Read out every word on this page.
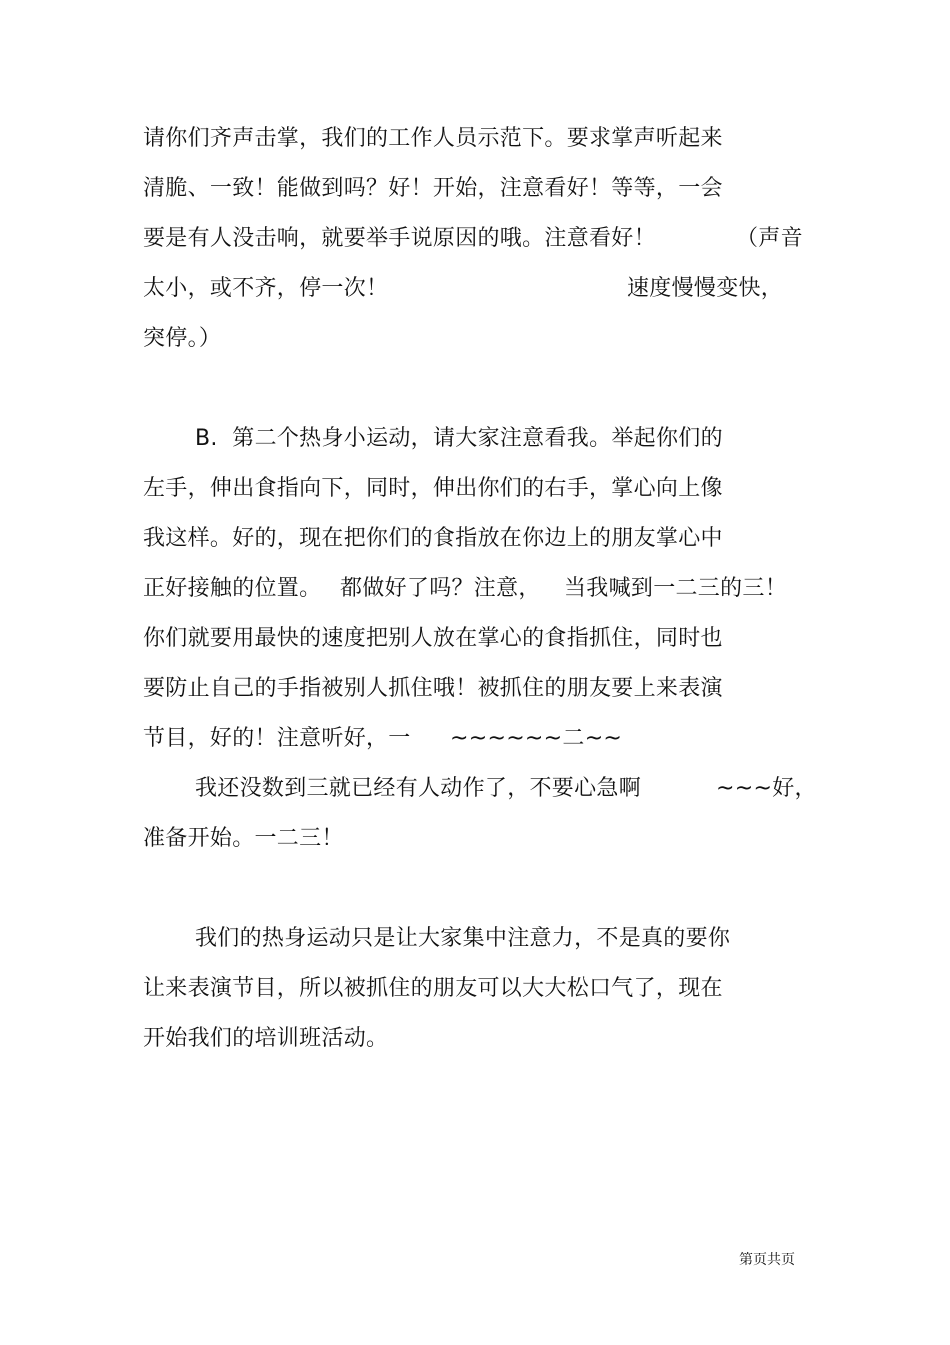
请你们齐声击掌，我们的工作人员示范下。要求掌声听起来
清脆、一致！能做到吗？好！开始，注意看好！等等，一会
要是有人没击响，就要举手说原因的哦。注意看好！	（声音
太小，或不齐，停一次！	速度慢慢变快，
突停。）
B.  第二个热身小运动，请大家注意看我。举起你们的
左手，伸出食指向下，同时，伸出你们的右手，掌心向上像
我这样。好的，现在把你们的食指放在你边上的朋友掌心中
正好接触的位置。 都做好了吗？注意， 当我喊到一二三的三！
你们就要用最快的速度把别人放在掌心的食指抓住，同时也
要防止自己的手指被别人抓住哦！被抓住的朋友要上来表演
节目，好的！注意听好，一 ~~~~~~二~~
我还没数到三就已经有人动作了，不要心急啊	~~~好，
准备开始。一二三！
我们的热身运动只是让大家集中注意力，不是真的要你
让来表演节目，所以被抓住的朋友可以大大松口气了，现在
开始我们的培训班活动。
第页共页
